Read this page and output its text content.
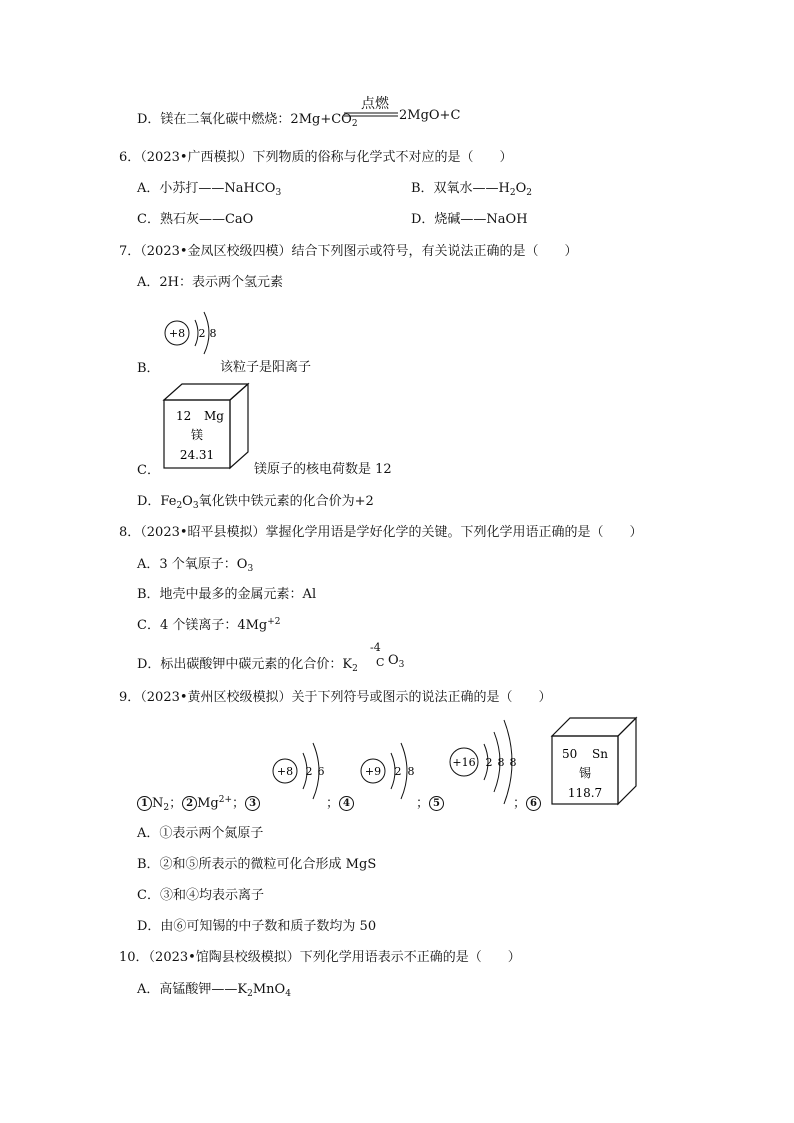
D．镁在二氧化碳中燃烧：$2Mg+CO_2$
点燃
2MgO+C
6．（2023•广西模拟）下列物质的俗称与化学式不对应的是（　　）
A．小苏打——NaHCO$_3$	B．双氧水$——H_2O_2$
C．熟石灰——CaO	D．烧碱——NaOH
7．（2023•金凤区校级四模）结合下列图示或符号，有关说法正确的是（　　）
A．2H：表示两个氢元素
+8 2 8
B．	该粒子是阳离子
12 Mg
镁
24.31
C．	镁原子的核电荷数是 12
D．$Fe_2O_3$氧化铁中铁元素的化合价为+2
8．（2023•昭平县模拟）掌握化学用语是学好化学的关键。下列化学用语正确的是（　　）
A．3 个氧原子：$O_3$
B．地壳中最多的金属元素：Al
C．4 个镁离子：$4Mg^{+2}$
D．标出碳酸钾中碳元素的化合价：$K_2$
-4
C $O_3$
9．（2023•黄州区校级模拟）关于下列符号或图示的说法正确的是（　　）
+8 2 6	+9 2 8
+16 2 8 8
50 Sn
锡
118.7
1 $N_2$； 2 $Mg^{2+}$； 3	； 4	； 5	； 6
A．①表示两个氮原子
B．②和⑤所表示的微粒可化合形成 MgS
C．③和④均表示离子
D．由⑥可知锡的中子数和质子数均为 50
10．（2023•馆陶县校级模拟）下列化学用语表示不正确的是（　　）
A．高锰酸钾$——K_2MnO_4$
